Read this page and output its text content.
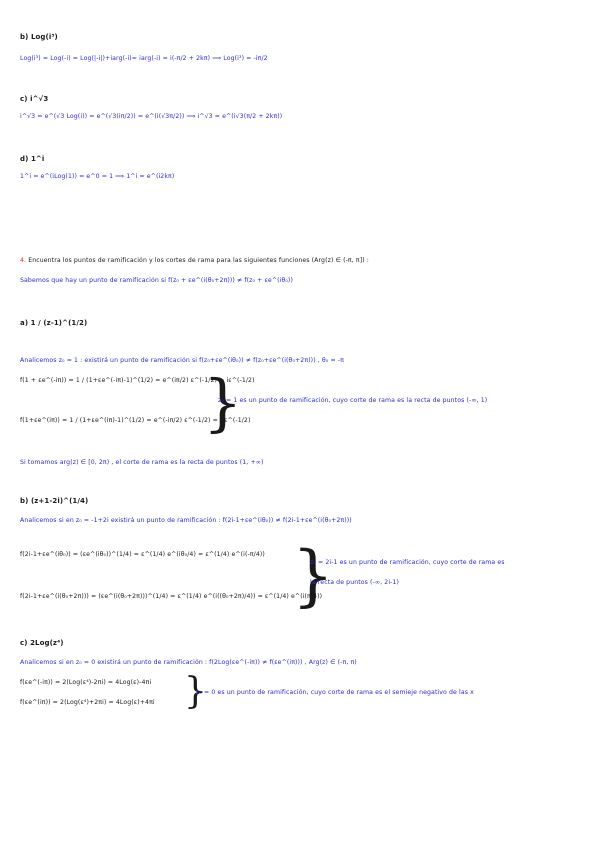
b) Log(i³)
Log(i³) = Log(-i) = Log(|-i|)+iarg(-i)= iarg(-i) = i(-π/2 + 2kπ) ⟹ Log(i³) = -iπ/2
c) i^√3
i^√3 = e^(√3 Log(i)) = e^(√3(iπ/2)) = e^(i(√3π/2)) ⟹ i^√3 = e^(i√3(π/2 + 2kπ))
d) 1^i
1^i = e^(iLog(1)) = e^0 = 1 ⟹ 1^i = e^(i2kπ)
4. Encuentra los puntos de ramificación y los cortes de rama para las siguientes funciones (Arg(z) ∈ (-π, π]) :
Sabemos que hay un punto de ramificación si f(z₀ + εe^(i(θ₀+2π))) ≠ f(z₀ + εe^(iθ₀))
a) 1 / (z-1)^(1/2)
Analicemos z₀ = 1 : existirá un punto de ramificación si f(z₀+εe^(iθ₀)) ≠ f(z₀+εe^(i(θ₀+2π))) , θ₀ = -π
f(1 + εe^(-iπ)) = 1 / (1+εe^(-iπ)-1)^(1/2) = e^(iπ/2) ε^(-1/2) = iε^(-1/2)
f(1+εe^(iπ)) = 1 / (1+εe^(iπ)-1)^(1/2) = e^(-iπ/2) ε^(-1/2) = -iε^(-1/2)
}
z₀ = 1 es un punto de ramificación, cuyo corte de rama es la recta de puntos (-∞, 1)
Si tomamos arg(z) ∈ [0, 2π) , el corte de rama es la recta de puntos (1, +∞)
b) (z+1-2i)^(1/4)
Analicemos si en z₀ = -1+2i existirá un punto de ramificación : f(2i-1+εe^(iθ₀)) ≠ f(2i-1+εe^(i(θ₀+2π)))
f(2i-1+εe^(iθ₀)) = (εe^(iθ₀))^(1/4) = ε^(1/4) e^(iθ₀/4) = ε^(1/4) e^(i(-π/4))
f(2i-1+εe^(i(θ₀+2π))) = (εe^(i(θ₀+2π)))^(1/4) = ε^(1/4) e^(i((θ₀+2π)/4)) = ε^(1/4) e^(i(π/4))
}
z₀ = 2i-1 es un punto de ramificación, cuyo corte de rama es
la recta de puntos (-∞, 2i-1)
c) 2Log(z⁴)
Analicemos si en z₀ = 0 existirá un punto de ramificación : f(2Log(εe^(-iπ)) ≠ f(εe^(iπ))) , Arg(z) ∈ (-π, π)
f(εe^(-iπ)) = 2(Log(ε⁴)-2πi) = 4Log(ε)-4πi
f(εe^(iπ)) = 2(Log(ε⁴)+2πi) = 4Log(ε)+4πi }
z₀ = 0 es un punto de ramificación, cuyo corte de rama es el semieje negativo de las x
